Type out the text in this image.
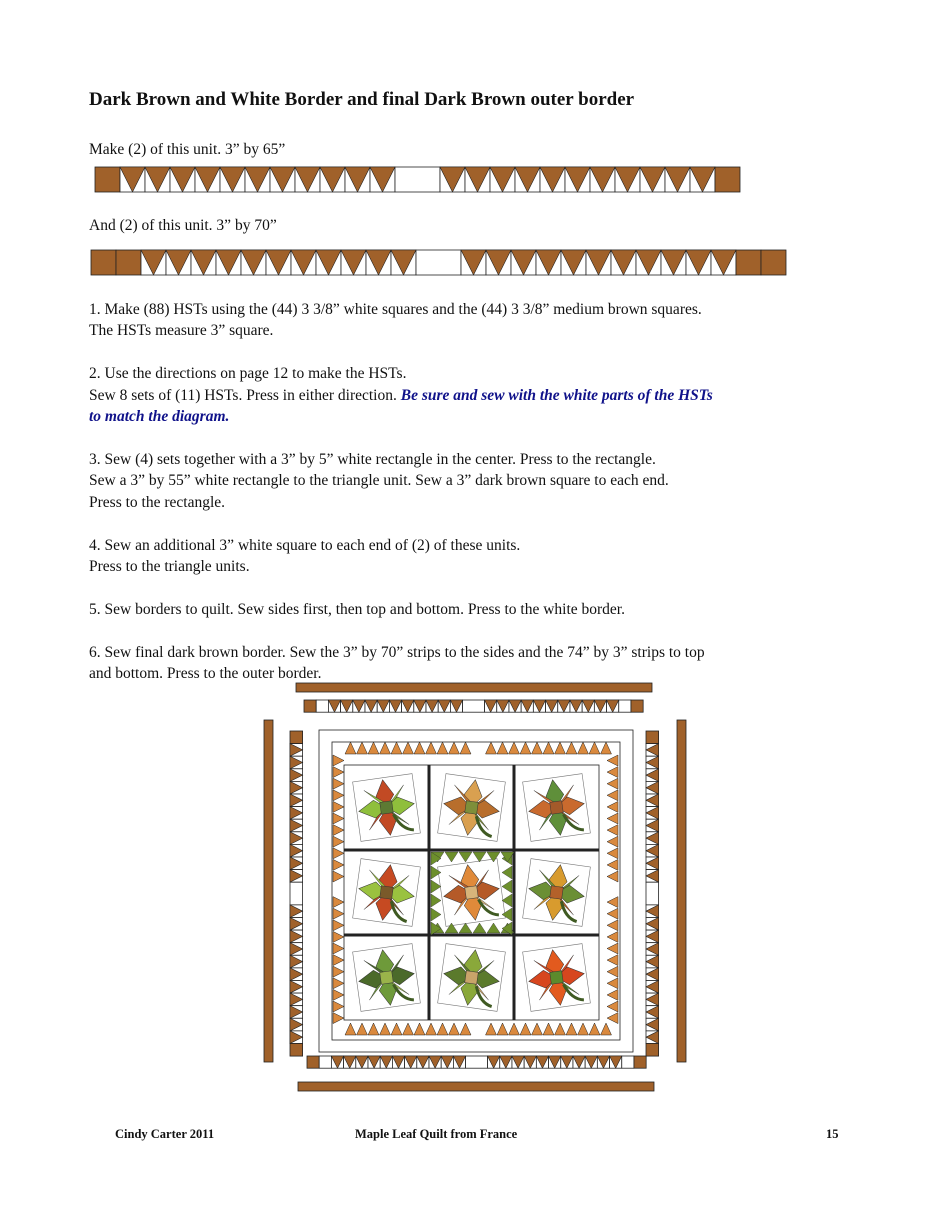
Dark Brown and White Border and final Dark Brown outer border
Make (2) of this unit. 3” by 65”
And (2) of this unit. 3” by 70”
1. Make (88) HSTs using the (44) 3 3/8” white squares and the (44) 3 3/8” medium brown squares.
The HSTs measure 3” square.
2. Use the directions on page 12 to make the HSTs.
Sew 8 sets of (11) HSTs. Press in either direction. Be sure and sew with the white parts of the HSTs
to match the diagram.
3. Sew (4) sets together with a 3” by 5” white rectangle in the center. Press to the rectangle.
Sew a 3” by 55” white rectangle to the triangle unit. Sew a 3” dark brown square to each end.
Press to the rectangle.
4. Sew an additional 3” white square to each end of (2) of these units.
Press to the triangle units.
5. Sew borders to quilt. Sew sides first, then top and bottom. Press to the white border.
6. Sew final dark brown border. Sew the 3” by 70” strips to the sides and the 74” by 3” strips to top
and bottom. Press to the outer border.
Cindy Carter 2011	Maple Leaf Quilt from France	15
